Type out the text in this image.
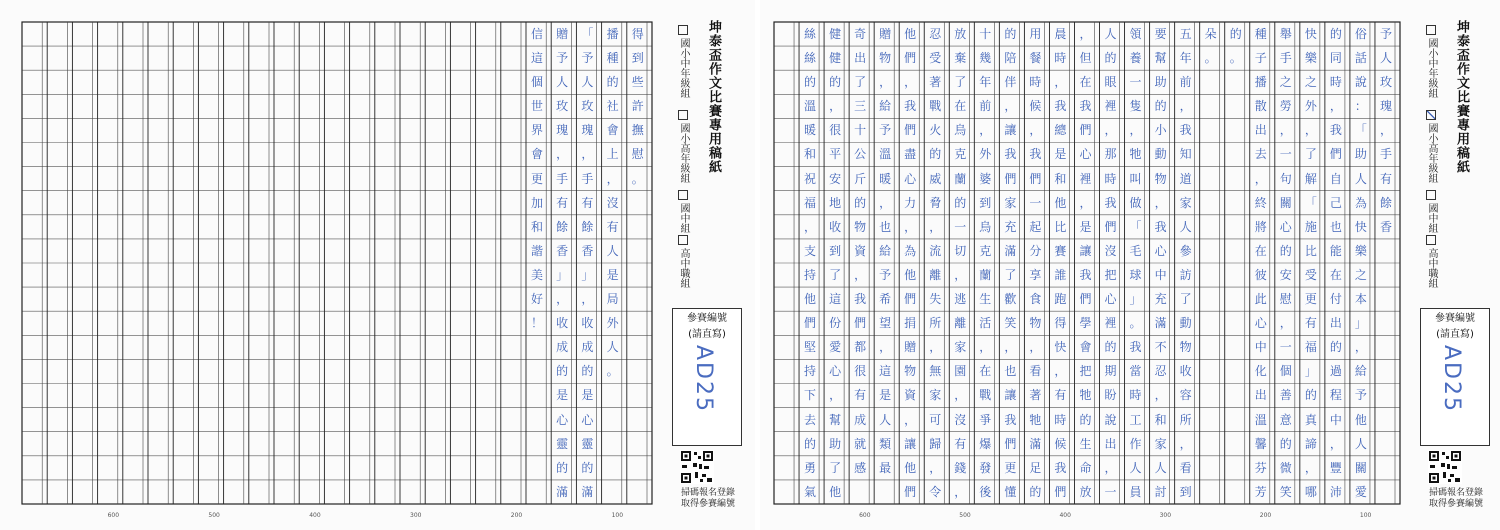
得
到
些
許
撫
慰
。
播
種
的
社
會
上
，
沒
有
人
是
局
外
人
。
「
予
人
玫
瑰
，
手
有
餘
香
」
，
收
成
的
是
心
靈
的
滿
贈
予
人
玫
瑰
，
手
有
餘
香
」
，
收
成
的
是
心
靈
的
滿
信
這
個
世
界
會
更
加
和
諧
美
好
！
坤泰盃作文比賽專用稿紙
國小中年級組
國小高年級組
國中組
高中職組
參賽編號
(請直寫)
AD25
掃碼報名登錄
取得參賽編號
600	500	400	300	200	100
予
人
玫
瑰
，
手
有
餘
香
俗
話
說
：
「
助
人
為
快
樂
之
本
」
，
給
予
他
人
關
愛
的
同
時
，
我
們
自
己
也
能
在
付
出
的
過
程
中
，
豐
沛
快
樂
之
外
，
了
解
「
施
比
受
更
有
福
」
的
真
諦
，
哪
舉
手
之
勞
，
一
句
關
心
的
安
慰
，
一
個
善
意
的
微
笑
種
子
播
散
出
去
，
終
將
在
彼
此
心
中
化
出
溫
馨
芬
芳
的
。
朵
。
五
年
前
，
我
知
道
家
人
參
訪
了
動
物
收
容
所
，
看
到
要
幫
助
的
小
動
物
，
我
心
中
充
滿
不
忍
，
和
家
人
討
領
養
一
隻
，
牠
叫
做
「
毛
球
」
。
我
當
時
工
作
人
員
人
的
眼
裡
，
那
時
我
們
沒
把
心
裡
的
期
盼
說
出
，
一
，
但
在
我
們
心
裡
，
是
讓
我
們
學
會
把
牠
的
生
命
放
晨
時
，
我
總
是
和
他
比
賽
誰
跑
得
快
，
有
時
候
我
們
用
餐
時
候
，
我
們
一
起
分
享
食
物
，
看
著
牠
滿
足
的
的
陪
伴
，
讓
我
們
家
充
滿
了
歡
笑
，
也
讓
我
們
更
懂
十
幾
年
前
，
外
婆
到
烏
克
蘭
生
活
，
在
戰
爭
爆
發
後
放
棄
了
在
烏
克
蘭
的
一
切
，
逃
離
家
園
，
沒
有
錢
，
忍
受
著
戰
火
的
威
脅
，
流
離
失
所
，
無
家
可
歸
，
令
他
們
，
我
們
盡
心
力
，
為
他
們
捐
贈
物
資
，
讓
他
們
贈
物
，
給
予
溫
暖
，
也
給
予
希
望
，
這
是
人
類
最
奇
出
了
三
十
公
斤
的
物
資
，
我
們
都
很
有
成
就
感
健
健
的
，
很
平
安
地
收
到
了
這
份
愛
心
，
幫
助
了
他
絲
絲
的
溫
暖
和
祝
福
，
支
持
他
們
堅
持
下
去
的
勇
氣
坤泰盃作文比賽專用稿紙
國小中年級組
國小高年級組
國中組
高中職組
參賽編號
(請直寫)
AD25
掃碼報名登錄
取得參賽編號
600	500	400	300	200	100
